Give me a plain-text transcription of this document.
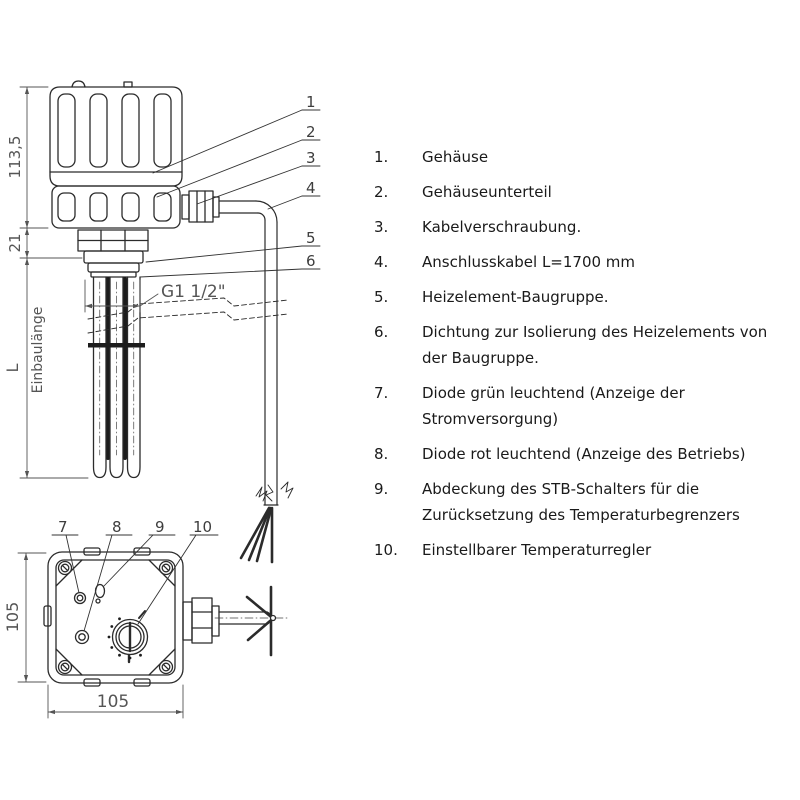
G1 1/2"
113,5
21
L Einbaulänge
1
2
3
4
5
6
7	8 9 10
105
105
1.	Gehäuse
2.	Gehäuseunterteil
3.	Kabelverschraubung.
4.	Anschlusskabel L=1700 mm
5.	Heizelement-Baugruppe.
6.	Dichtung zur Isolierung des Heizelements von der Baugruppe.
7.	Diode grün leuchtend (Anzeige der Stromversorgung)
8.	Diode rot leuchtend (Anzeige des Betriebs)
9.	Abdeckung des STB-Schalters für die Zurücksetzung des Temperaturbegrenzers
10.	Einstellbarer Temperaturregler
